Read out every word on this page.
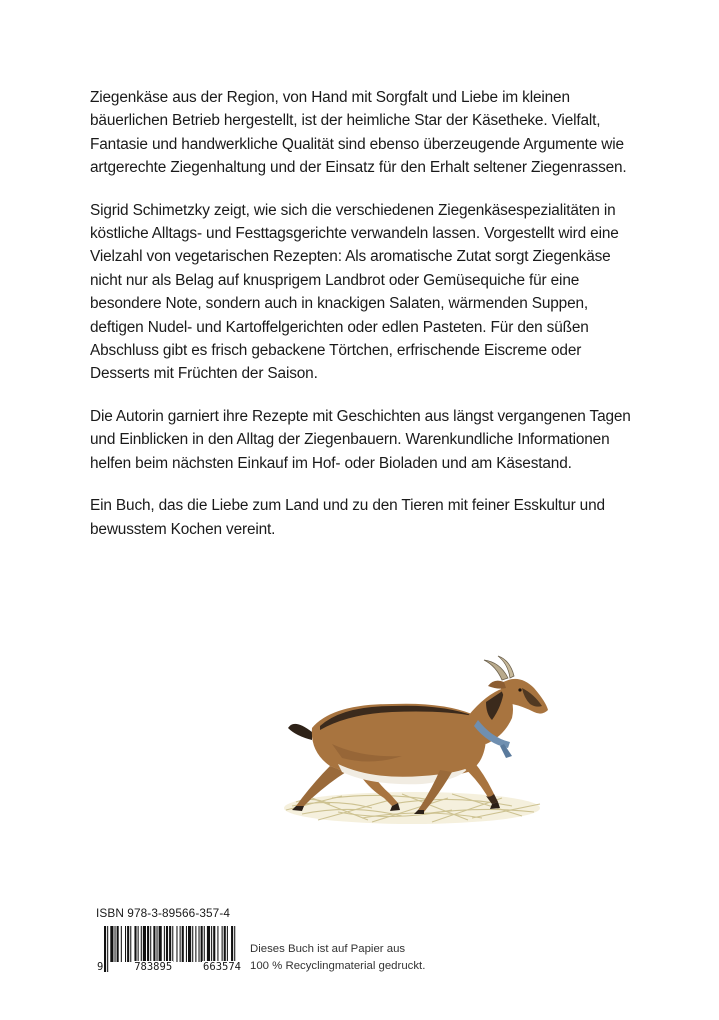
Ziegenkäse aus der Region, von Hand mit Sorgfalt und Liebe im kleinen bäuerlichen Betrieb hergestellt, ist der heimliche Star der Käsetheke. Vielfalt, Fantasie und handwerkliche Qualität sind ebenso überzeugende Argumente wie artgerechte Ziegenhaltung und der Einsatz für den Erhalt seltener Ziegenrassen.

Sigrid Schimetzky zeigt, wie sich die verschiedenen Ziegenkäsespezialitäten in köstliche Alltags- und Festtagsgerichte verwandeln lassen. Vorgestellt wird eine Vielzahl von vegetarischen Rezepten: Als aromatische Zutat sorgt Ziegenkäse nicht nur als Belag auf knusprigem Landbrot oder Gemüsequiche für eine besondere Note, sondern auch in knackigen Salaten, wärmenden Suppen, deftigen Nudel- und Kartoffelgerichten oder edlen Pasteten. Für den süßen Abschluss gibt es frisch gebackene Törtchen, erfrischende Eiscreme oder Desserts mit Früchten der Saison.

Die Autorin garniert ihre Rezepte mit Geschichten aus längst vergangenen Tagen und Einblicken in den Alltag der Ziegenbauern. Warenkundliche Informationen helfen beim nächsten Einkauf im Hof- oder Bioladen und am Käsestand.

Ein Buch, das die Liebe zum Land und zu den Tieren mit feiner Esskultur und bewusstem Kochen vereint.

ISBN 978-3-89566-357-4
9	783895	663574
Dieses Buch ist auf Papier aus
100 % Recyclingmaterial gedruckt.
